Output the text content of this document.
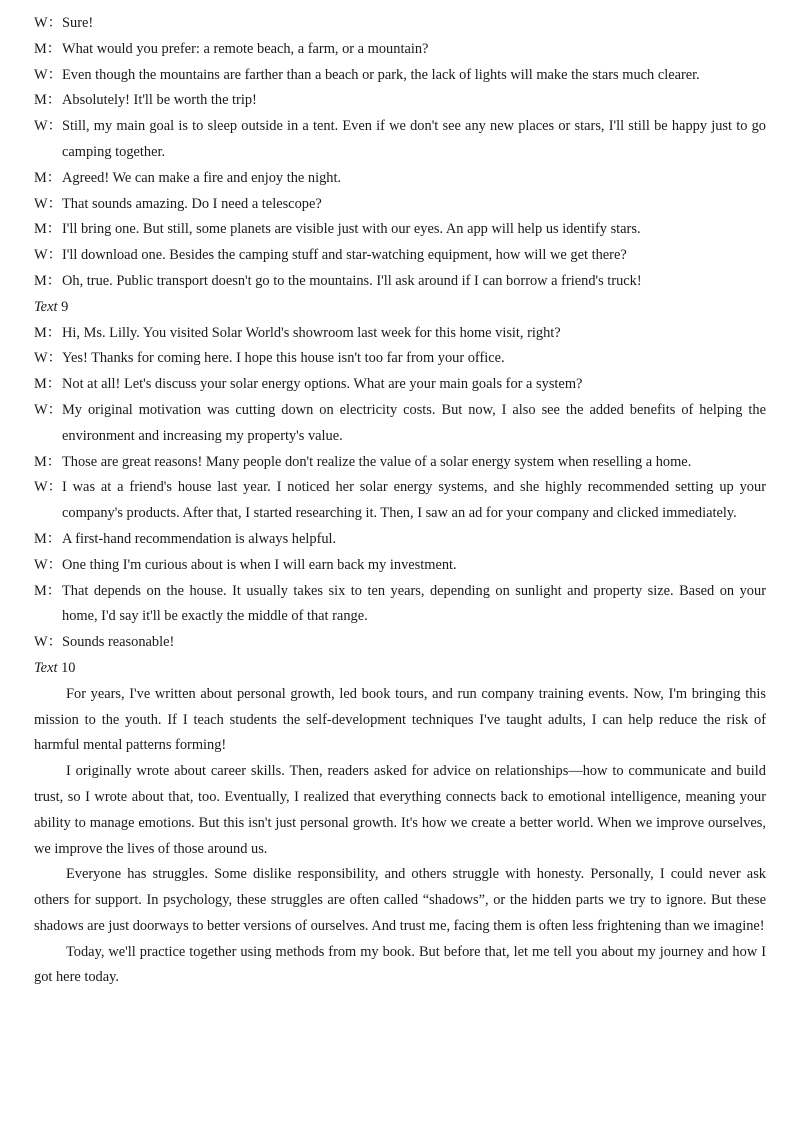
W ：	Sure!
M ：	What would you prefer: a remote beach, a farm, or a mountain?
W ：	Even though the mountains are farther than a beach or park, the lack of lights will make the stars much clearer.
M ：	Absolutely! It'll be worth the trip!
W ：	Still, my main goal is to sleep outside in a tent. Even if we don't see any new places or stars, I'll still be happy just to go camping together.
M ：	Agreed! We can make a fire and enjoy the night.
W ：	That sounds amazing. Do I need a telescope?
M ：	I'll bring one. But still, some planets are visible just with our eyes. An app will help us identify stars.
W ：	I'll download one. Besides the camping stuff and star-watching equipment, how will we get there?
M ：	Oh, true. Public transport doesn't go to the mountains. I'll ask around if I can borrow a friend's truck!
Text 9
M ：	Hi, Ms. Lilly. You visited Solar World's showroom last week for this home visit, right?
W ：	Yes! Thanks for coming here. I hope this house isn't too far from your office.
M ：	Not at all! Let's discuss your solar energy options. What are your main goals for a system?
W ：	My original motivation was cutting down on electricity costs. But now, I also see the added benefits of helping the environment and increasing my property's value.
M ：	Those are great reasons! Many people don't realize the value of a solar energy system when reselling a home.
W ：	I was at a friend's house last year. I noticed her solar energy systems, and she highly recommended setting up your company's products. After that, I started researching it. Then, I saw an ad for your company and clicked immediately.
M ：	A first-hand recommendation is always helpful.
W ：	One thing I'm curious about is when I will earn back my investment.
M ：	That depends on the house. It usually takes six to ten years, depending on sunlight and property size. Based on your home, I'd say it'll be exactly the middle of that range.
W ：	Sounds reasonable!
Text 10

For years, I've written about personal growth, led book tours, and run company training events. Now, I'm bringing this mission to the youth. If I teach students the self-development techniques I've taught adults, I can help reduce the risk of harmful mental patterns forming!

I originally wrote about career skills. Then, readers asked for advice on relationships—how to communicate and build trust, so I wrote about that, too. Eventually, I realized that everything connects back to emotional intelligence, meaning your ability to manage emotions. But this isn't just personal growth. It's how we create a better world. When we improve ourselves, we improve the lives of those around us.

Everyone has struggles. Some dislike responsibility, and others struggle with honesty. Personally, I could never ask others for support. In psychology, these struggles are often called “shadows”, or the hidden parts we try to ignore. But these shadows are just doorways to better versions of ourselves. And trust me, facing them is often less frightening than we imagine!

Today, we'll practice together using methods from my book. But before that, let me tell you about my journey and how I got here today.
